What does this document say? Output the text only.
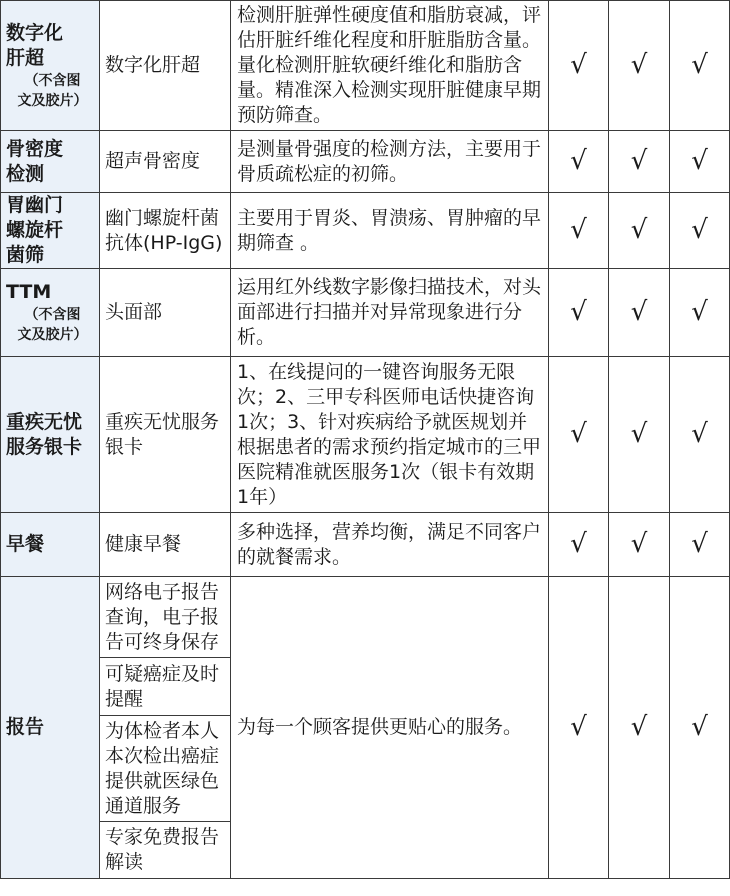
数字化
肝超
（不含图
文及胶片）	数字化肝超	检测肝脏弹性硬度值和脂肪衰减，评估肝脏纤维化程度和肝脏脂肪含量。量化检测肝脏软硬纤维化和脂肪含量。精准深入检测实现肝脏健康早期预防筛查。	√	√	√

骨密度
检测	超声骨密度	是测量骨强度的检测方法，主要用于骨质疏松症的初筛。	√	√	√

胃幽门
螺旋杆
菌筛	幽门螺旋杆菌抗体(HP-IgG)	主要用于胃炎、胃溃疡、胃肿瘤的早期筛查 。	√	√	√

TTM
（不含图
文及胶片）	头面部	运用红外线数字影像扫描技术，对头面部进行扫描并对异常现象进行分析。	√	√	√

重疾无忧
服务银卡	重疾无忧服务银卡	1、在线提问的一键咨询服务无限次；2、三甲专科医师电话快捷咨询1次；3、针对疾病给予就医规划并根据患者的需求预约指定城市的三甲医院精准就医服务1次（银卡有效期1年）	√	√	√

早餐	健康早餐	多种选择，营养均衡，满足不同客户的就餐需求。	√	√	√

报告	网络电子报告查询，电子报告可终身保存
可疑癌症及时提醒
为体检者本人本次检出癌症提供就医绿色通道服务
专家免费报告解读	为每一个顾客提供更贴心的服务。	√	√	√
